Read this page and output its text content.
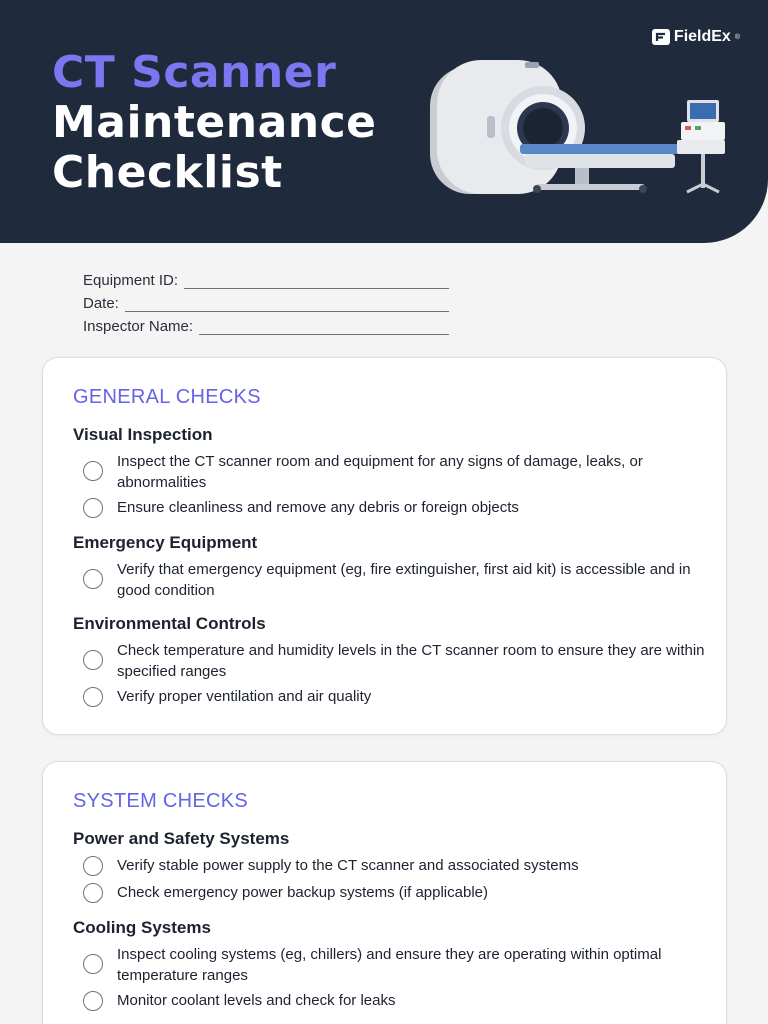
CT Scanner
Maintenance
Checklist
FieldEx ®
Equipment ID:
Date:
Inspector Name:
GENERAL CHECKS
Visual Inspection
Inspect the CT scanner room and equipment for any signs of damage, leaks, or abnormalities
Ensure cleanliness and remove any debris or foreign objects
Emergency Equipment
Verify that emergency equipment (eg, fire extinguisher, first aid kit) is accessible and in good condition
Environmental Controls
Check temperature and humidity levels in the CT scanner room to ensure they are within specified ranges
Verify proper ventilation and air quality
SYSTEM CHECKS
Power and Safety Systems
Verify stable power supply to the CT scanner and associated systems
Check emergency power backup systems (if applicable)
Cooling Systems
Inspect cooling systems (eg, chillers) and ensure they are operating within optimal temperature ranges
Monitor coolant levels and check for leaks
